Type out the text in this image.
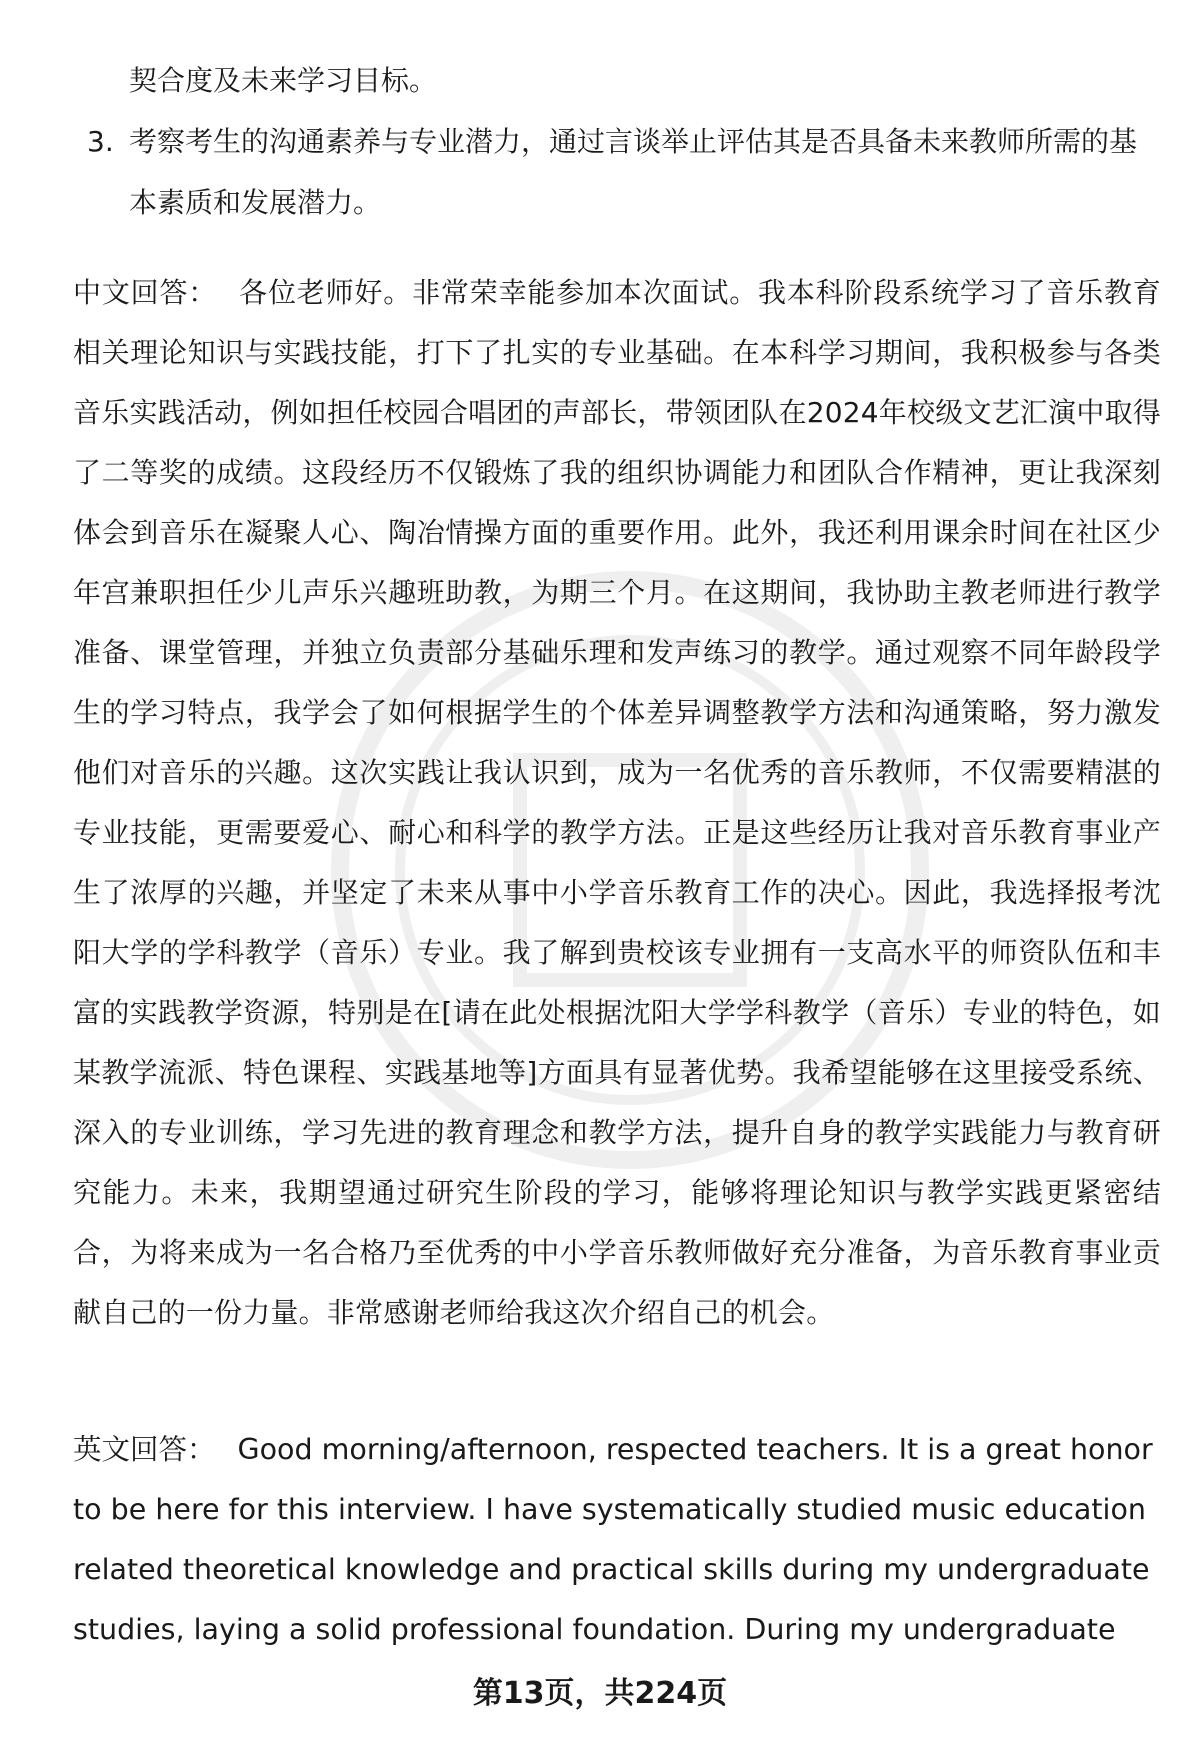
契合度及未来学习目标。
3. 考察考生的沟通素养与专业潜力，通过言谈举止评估其是否具备未来教师所需的基本素质和发展潜力。
中文回答： 各位老师好。非常荣幸能参加本次面试。我本科阶段系统学习了音乐教育相关理论知识与实践技能，打下了扎实的专业基础。在本科学习期间，我积极参与各类音乐实践活动，例如担任校园合唱团的声部长，带领团队在2024年校级文艺汇演中取得了二等奖的成绩。这段经历不仅锻炼了我的组织协调能力和团队合作精神，更让我深刻体会到音乐在凝聚人心、陶冶情操方面的重要作用。此外，我还利用课余时间在社区少年宫兼职担任少儿声乐兴趣班助教，为期三个月。在这期间，我协助主教老师进行教学准备、课堂管理，并独立负责部分基础乐理和发声练习的教学。通过观察不同年龄段学生的学习特点，我学会了如何根据学生的个体差异调整教学方法和沟通策略，努力激发他们对音乐的兴趣。这次实践让我认识到，成为一名优秀的音乐教师，不仅需要精湛的专业技能，更需要爱心、耐心和科学的教学方法。正是这些经历让我对音乐教育事业产生了浓厚的兴趣，并坚定了未来从事中小学音乐教育工作的决心。因此，我选择报考沈阳大学的学科教学（音乐）专业。我了解到贵校该专业拥有一支高水平的师资队伍和丰富的实践教学资源，特别是在[请在此处根据沈阳大学学科教学（音乐）专业的特色，如某教学流派、特色课程、实践基地等]方面具有显著优势。我希望能够在这里接受系统、深入的专业训练，学习先进的教育理念和教学方法，提升自身的教学实践能力与教育研究能力。未来，我期望通过研究生阶段的学习，能够将理论知识与教学实践更紧密结合，为将来成为一名合格乃至优秀的中小学音乐教师做好充分准备，为音乐教育事业贡献自己的一份力量。非常感谢老师给我这次介绍自己的机会。
英文回答： Good morning/afternoon, respected teachers. It is a great honor to be here for this interview. I have systematically studied music education related theoretical knowledge and practical skills during my undergraduate studies, laying a solid professional foundation. During my undergraduate
第13页，共224页
